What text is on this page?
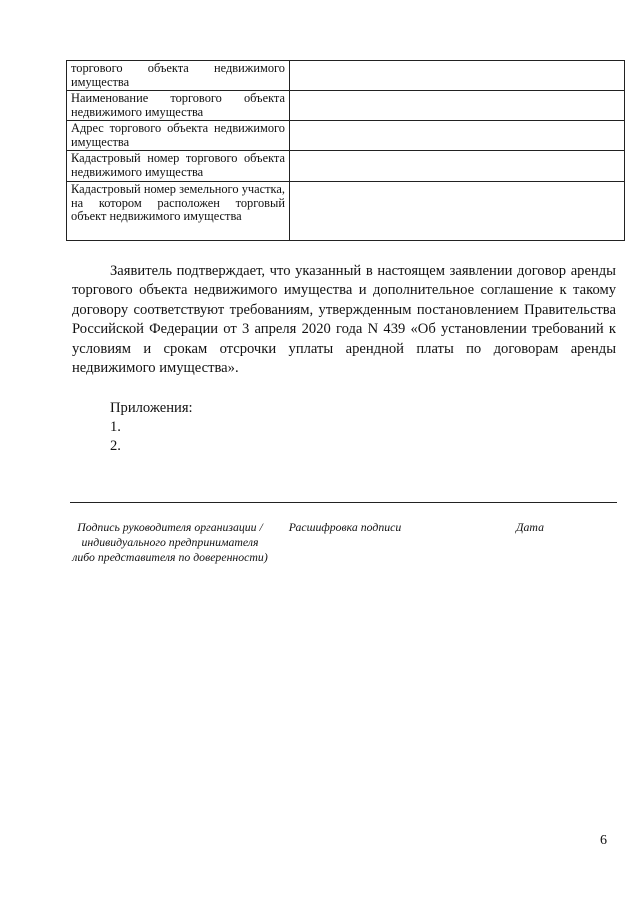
торгового объекта недвижимого имущества	
Наименование торгового объекта недвижимого имущества	
Адрес торгового объекта недвижимого имущества	
Кадастровый номер торгового объекта недвижимого имущества	
Кадастровый номер земельного участка, на котором расположен торговый объект недвижимого имущества	

Заявитель подтверждает, что указанный в настоящем заявлении договор аренды торгового объекта недвижимого имущества и дополнительное соглашение к такому договору соответствуют требованиям, утвержденным постановлением Правительства Российской Федерации от 3 апреля 2020 года N 439 «Об установлении требований к условиям и срокам отсрочки уплаты арендной платы по договорам аренды недвижимого имущества».

Приложения:

1.
2.
Подпись руководителя организации / индивидуального предпринимателя либо представителя по доверенности)
Расшифровка подписи	Дата
6
